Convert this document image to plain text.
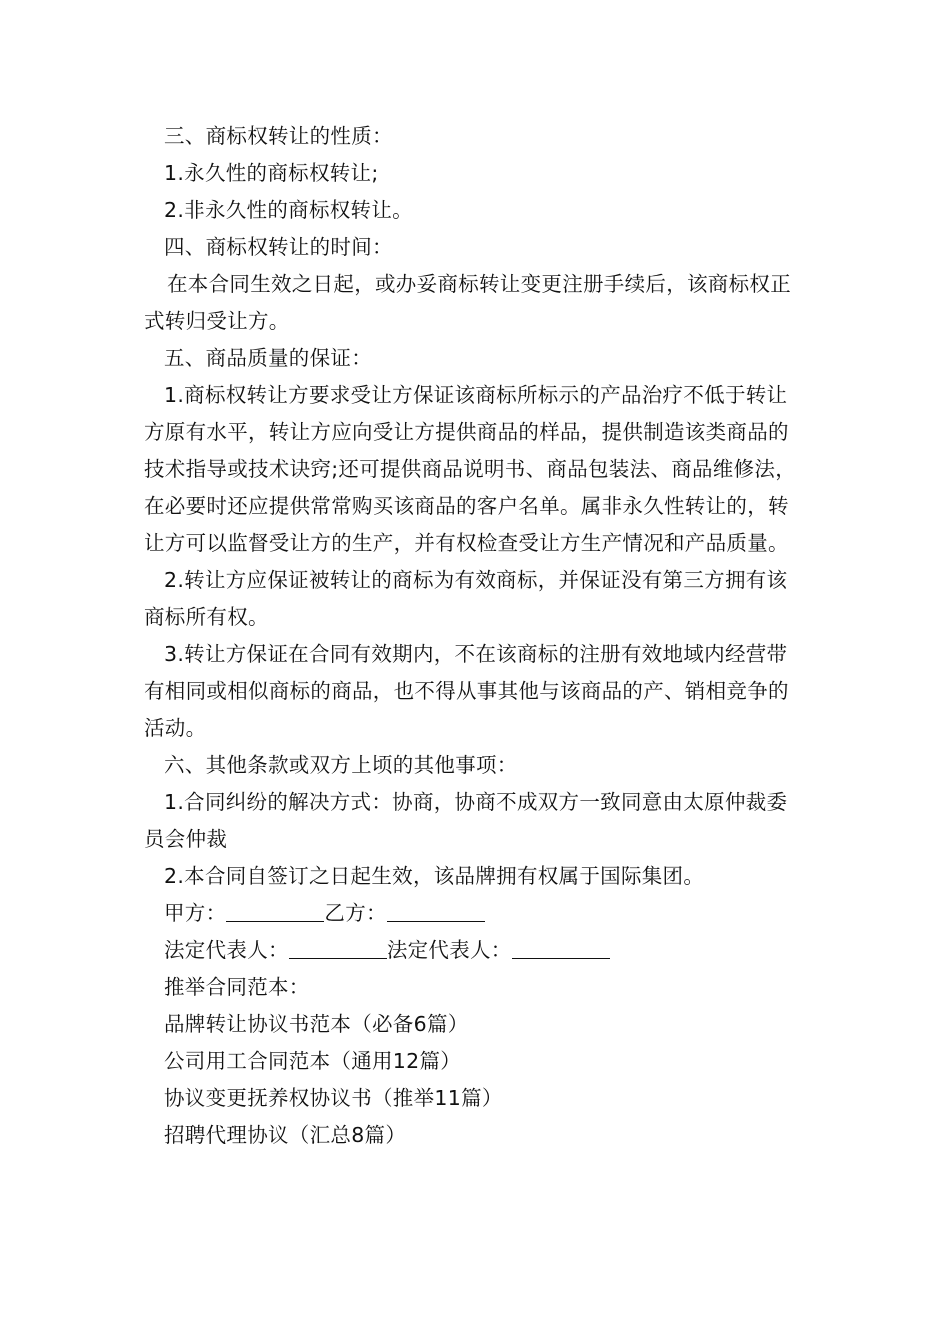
三、商标权转让的性质：

1.永久性的商标权转让;

2.非永久性的商标权转让。

四、商标权转让的时间：

在本合同生效之日起，或办妥商标转让变更注册手续后，该商标权正式转归受让方。

五、商品质量的保证：

1.商标权转让方要求受让方保证该商标所标示的产品治疗不低于转让方原有水平，转让方应向受让方提供商品的样品，提供制造该类商品的技术指导或技术诀窍;还可提供商品说明书、商品包装法、商品维修法，在必要时还应提供常常购买该商品的客户名单。属非永久性转让的，转让方可以监督受让方的生产，并有权检查受让方生产情况和产品质量。

2.转让方应保证被转让的商标为有效商标，并保证没有第三方拥有该商标所有权。

3.转让方保证在合同有效期内，不在该商标的注册有效地域内经营带有相同或相似商标的商品，也不得从事其他与该商品的产、销相竞争的活动。

六、其他条款或双方上顷的其他事项：

1.合同纠纷的解决方式：协商，协商不成双方一致同意由太原仲裁委员会仲裁

2.本合同自签订之日起生效，该品牌拥有权属于国际集团。

甲方：	乙方：

法定代表人：	法定代表人：

推举合同范本：

品牌转让协议书范本（必备6篇）

公司用工合同范本（通用12篇）

协议变更抚养权协议书（推举11篇）

招聘代理协议（汇总8篇）
